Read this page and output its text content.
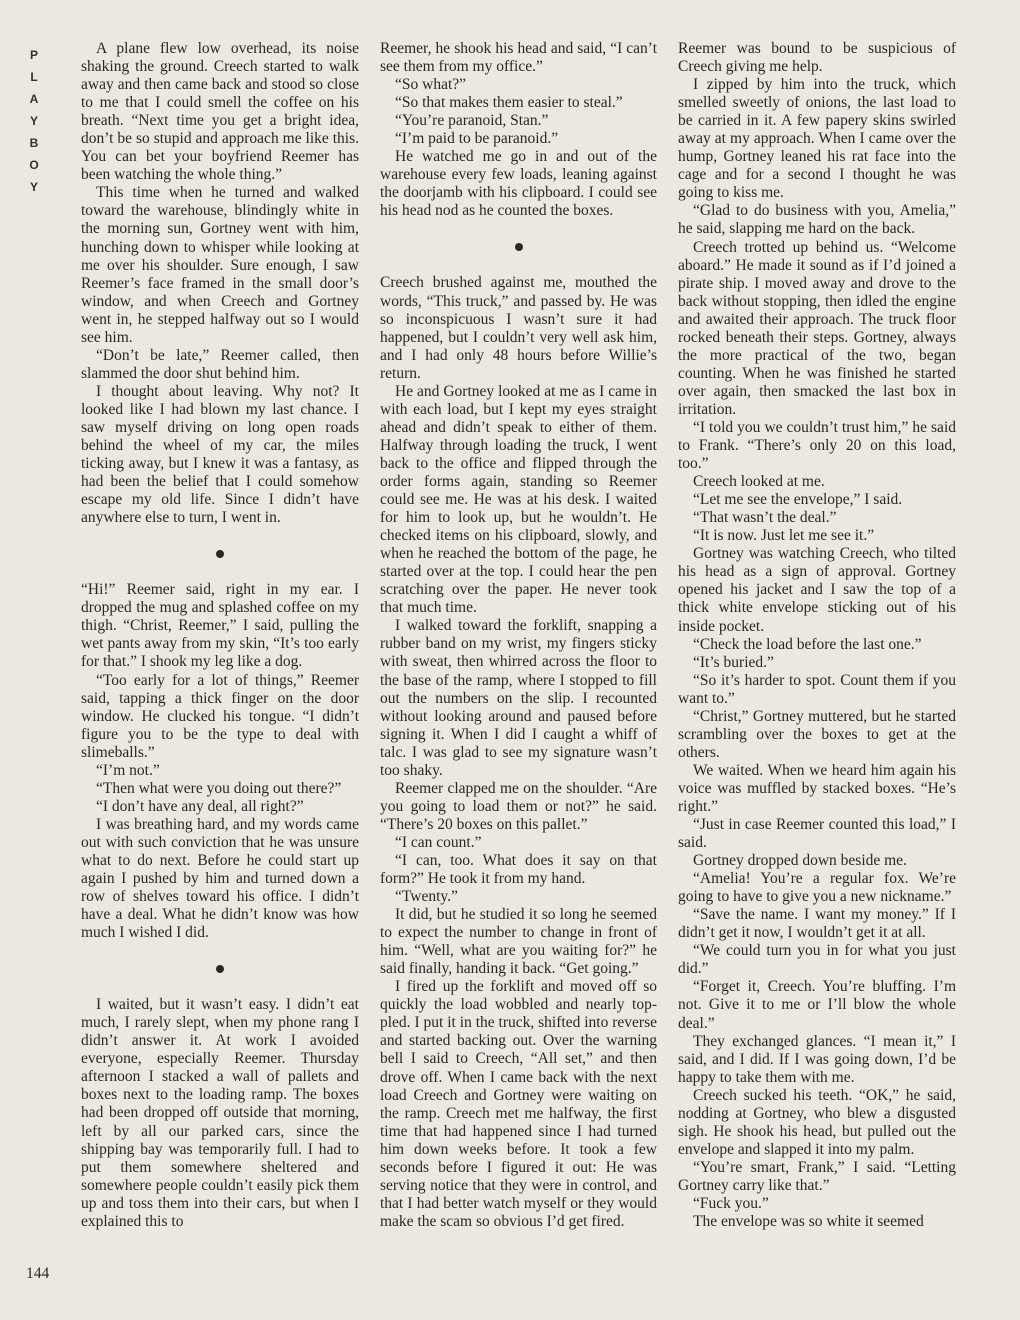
P
L
A
Y
B
O
Y

A plane flew low overhead, its noise shaking the ground. Creech started to walk away and then came back and stood so close to me that I could smell the coffee on his breath. “Next time you get a bright idea, don’t be so stupid and approach me like this. You can bet your boyfriend Reemer has been watching the whole thing.”

This time when he turned and walked toward the warehouse, blindingly white in the morning sun, Gortney went with him, hunching down to whisper while looking at me over his shoulder. Sure enough, I saw Reemer’s face framed in the small door’s window, and when Creech and Gortney went in, he stepped halfway out so I would see him.

“Don’t be late,” Reemer called, then slammed the door shut behind him.

I thought about leaving. Why not? It looked like I had blown my last chance. I saw myself driving on long open roads behind the wheel of my car, the miles ticking away, but I knew it was a fantasy, as had been the belief that I could somehow escape my old life. Since I didn’t have anywhere else to turn, I went in.

“Hi!” Reemer said, right in my ear. I dropped the mug and splashed coffee on my thigh. “Christ, Reemer,” I said, pulling the wet pants away from my skin, “It’s too early for that.” I shook my leg like a dog.

“Too early for a lot of things,” Reemer said, tapping a thick finger on the door window. He clucked his tongue. “I didn’t figure you to be the type to deal with slimeballs.”

“I’m not.”

“Then what were you doing out there?”

“I don’t have any deal, all right?”

I was breathing hard, and my words came out with such conviction that he was unsure what to do next. Before he could start up again I pushed by him and turned down a row of shelves toward his office. I didn’t have a deal. What he didn’t know was how much I wished I did.

I waited, but it wasn’t easy. I didn’t eat much, I rarely slept, when my phone rang I didn’t answer it. At work I avoided everyone, especially Reemer. Thursday afternoon I stacked a wall of pallets and boxes next to the loading ramp. The boxes had been dropped off outside that morning, left by all our parked cars, since the shipping bay was temporarily full. I had to put them somewhere sheltered and somewhere people couldn’t easily pick them up and toss them into their cars, but when I explained this to

Reemer, he shook his head and said, “I can’t see them from my office.”

“So what?”

“So that makes them easier to steal.”

“You’re paranoid, Stan.”

“I’m paid to be paranoid.”

He watched me go in and out of the warehouse every few loads, leaning against the doorjamb with his clipboard. I could see his head nod as he counted the boxes.

Creech brushed against me, mouthed the words, “This truck,” and passed by. He was so inconspicuous I wasn’t sure it had happened, but I couldn’t very well ask him, and I had only 48 hours before Willie’s return.

He and Gortney looked at me as I came in with each load, but I kept my eyes straight ahead and didn’t speak to either of them. Halfway through loading the truck, I went back to the office and flipped through the order forms again, standing so Reemer could see me. He was at his desk. I waited for him to look up, but he wouldn’t. He checked items on his clipboard, slowly, and when he reached the bottom of the page, he started over at the top. I could hear the pen scratching over the paper. He never took that much time.

I walked toward the forklift, snapping a rubber band on my wrist, my fingers sticky with sweat, then whirred across the floor to the base of the ramp, where I stopped to fill out the numbers on the slip. I recounted without looking around and paused before signing it. When I did I caught a whiff of talc. I was glad to see my signature wasn’t too shaky.

Reemer clapped me on the shoulder. “Are you going to load them or not?” he said. “There’s 20 boxes on this pallet.”

“I can count.”

“I can, too. What does it say on that form?” He took it from my hand.

“Twenty.”

It did, but he studied it so long he seemed to expect the number to change in front of him. “Well, what are you waiting for?” he said finally, handing it back. “Get going.”

I fired up the forklift and moved off so quickly the load wobbled and nearly toppled. I put it in the truck, shifted into reverse and started backing out. Over the warning bell I said to Creech, “All set,” and then drove off. When I came back with the next load Creech and Gortney were waiting on the ramp. Creech met me halfway, the first time that had happened since I had turned him down weeks before. It took a few seconds before I figured it out: He was serving notice that they were in control, and that I had better watch myself or they would make the scam so obvious I’d get fired.

Reemer was bound to be suspicious of Creech giving me help.

I zipped by him into the truck, which smelled sweetly of onions, the last load to be carried in it. A few papery skins swirled away at my approach. When I came over the hump, Gortney leaned his rat face into the cage and for a second I thought he was going to kiss me.

“Glad to do business with you, Amelia,” he said, slapping me hard on the back.

Creech trotted up behind us. “Welcome aboard.” He made it sound as if I’d joined a pirate ship. I moved away and drove to the back without stopping, then idled the engine and awaited their approach. The truck floor rocked beneath their steps. Gortney, always the more practical of the two, began counting. When he was finished he started over again, then smacked the last box in irritation.

“I told you we couldn’t trust him,” he said to Frank. “There’s only 20 on this load, too.”

Creech looked at me.

“Let me see the envelope,” I said.

“That wasn’t the deal.”

“It is now. Just let me see it.”

Gortney was watching Creech, who tilted his head as a sign of approval. Gortney opened his jacket and I saw the top of a thick white envelope sticking out of his inside pocket.

“Check the load before the last one.”

“It’s buried.”

“So it’s harder to spot. Count them if you want to.”

“Christ,” Gortney muttered, but he started scrambling over the boxes to get at the others.

We waited. When we heard him again his voice was muffled by stacked boxes. “He’s right.”

“Just in case Reemer counted this load,” I said.

Gortney dropped down beside me.

“Amelia! You’re a regular fox. We’re going to have to give you a new nickname.”

“Save the name. I want my money.” If I didn’t get it now, I wouldn’t get it at all.

“We could turn you in for what you just did.”

“Forget it, Creech. You’re bluffing. I’m not. Give it to me or I’ll blow the whole deal.”

They exchanged glances. “I mean it,” I said, and I did. If I was going down, I’d be happy to take them with me.

Creech sucked his teeth. “OK,” he said, nodding at Gortney, who blew a disgusted sigh. He shook his head, but pulled out the envelope and slapped it into my palm.

“You’re smart, Frank,” I said. “Letting Gortney carry like that.”

“Fuck you.”

The envelope was so white it seemed

144
